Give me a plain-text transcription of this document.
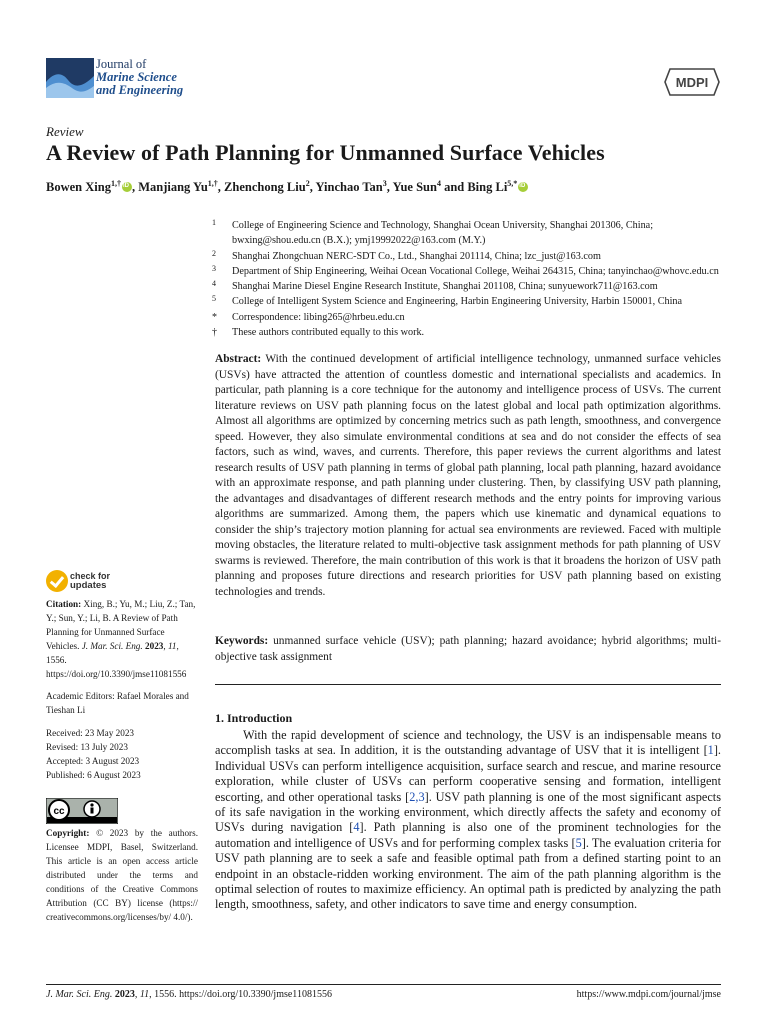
Journal of
Marine Science
and Engineering	MDPI
Review
A Review of Path Planning for Unmanned Surface Vehicles
Bowen Xing$^{1,\dagger}$iD , Manjiang $Yu^{1,\dagger}$, Zhenchong Liu$^2$, Yinchao Tan$^3$, Yue Sun$^4$ and Bing $Li^{5,*}iD$
1 College of Engineering Science and Technology, Shanghai Ocean University, Shanghai 201306, China; bwxing@shou.edu.cn (B.X.); ymj19992022@163.com (M.Y.)
2 Shanghai Zhongchuan NERC-SDT Co., Ltd., Shanghai 201114, China; lzc_just@163.com
3 Department of Ship Engineering, Weihai Ocean Vocational College, Weihai 264315, China; tanyinchao@whovc.edu.cn
4 Shanghai Marine Diesel Engine Research Institute, Shanghai 201108, China; sunyuework711@163.com
5 College of Intelligent System Science and Engineering, Harbin Engineering University, Harbin 150001, China
* Correspondence: libing265@hrbeu.edu.cn
† These authors contributed equally to this work.
Abstract: With the continued development of artificial intelligence technology, unmanned surface vehicles (USVs) have attracted the attention of countless domestic and international specialists and academics. In particular, path planning is a core technique for the autonomy and intelligence process of USVs. The current literature reviews on USV path planning focus on the latest global and local path optimization algorithms. Almost all algorithms are optimized by concerning metrics such as path length, smoothness, and convergence speed. However, they also simulate environmental conditions at sea and do not consider the effects of sea factors, such as wind, waves, and currents. Therefore, this paper reviews the current algorithms and latest research results of USV path planning in terms of global path planning, local path planning, hazard avoidance with an approximate response, and path planning under clustering. Then, by classifying USV path planning, the advantages and disadvantages of different research methods and the entry points for improving various algorithms are summarized. Among them, the papers which use kinematic and dynamical equations to consider the ship’s trajectory motion planning for actual sea environments are reviewed. Faced with multiple moving obstacles, the literature related to multi-objective task assignment methods for path planning of USV swarms is reviewed. Therefore, the main contribution of this work is that it broadens the horizon of USV path planning and proposes future directions and research priorities for USV path planning based on existing technologies and trends.
Keywords: unmanned surface vehicle (USV); path planning; hazard avoidance; hybrid algorithms; multi-objective task assignment
1. Introduction
With the rapid development of science and technology, the USV is an indispensable means to accomplish tasks at sea. In addition, it is the outstanding advantage of USV that it is intelligent [1]. Individual USVs can perform intelligence acquisition, surface search and rescue, and marine resource exploration, while cluster of USVs can perform cooperative sensing and formation, intelligent escorting, and other operational tasks [2,3]. USV path planning is one of the most significant aspects of its safe navigation in the working environment, which directly affects the safety and economy of USVs during navigation [4]. Path planning is also one of the prominent technologies for the automation and intelligence of USVs and for performing complex tasks [5]. The evaluation criteria for USV path planning are to seek a safe and feasible optimal path from a defined starting point to an endpoint in an obstacle-ridden working environment. The aim of the path planning algorithm is the optimal selection of routes to maximize efficiency. An optimal path is predicted by analyzing the path length, smoothness, safety, and other indicators to save time and energy consumption.
check for
updates
Citation: Xing, B.; Yu, M.; Liu, Z.; Tan, Y.; Sun, Y.; Li, B. A Review of Path Planning for Unmanned Surface Vehicles. J. Mar. Sci. Eng. 2023, 11, 1556. https://doi.org/10.3390/jmse11081556
Academic Editors: Rafael Morales and Tieshan Li
Received: 23 May 2023
Revised: 13 July 2023
Accepted: 3 August 2023
Published: 6 August 2023
cc
Copyright: © 2023 by the authors. Licensee MDPI, Basel, Switzerland. This article is an open access article distributed under the terms and conditions of the Creative Commons Attribution (CC BY) license (https:// creativecommons.org/licenses/by/ 4.0/).
J. Mar. Sci. Eng. 2023, 11, 1556. https://doi.org/10.3390/jmse11081556	https://www.mdpi.com/journal/jmse
